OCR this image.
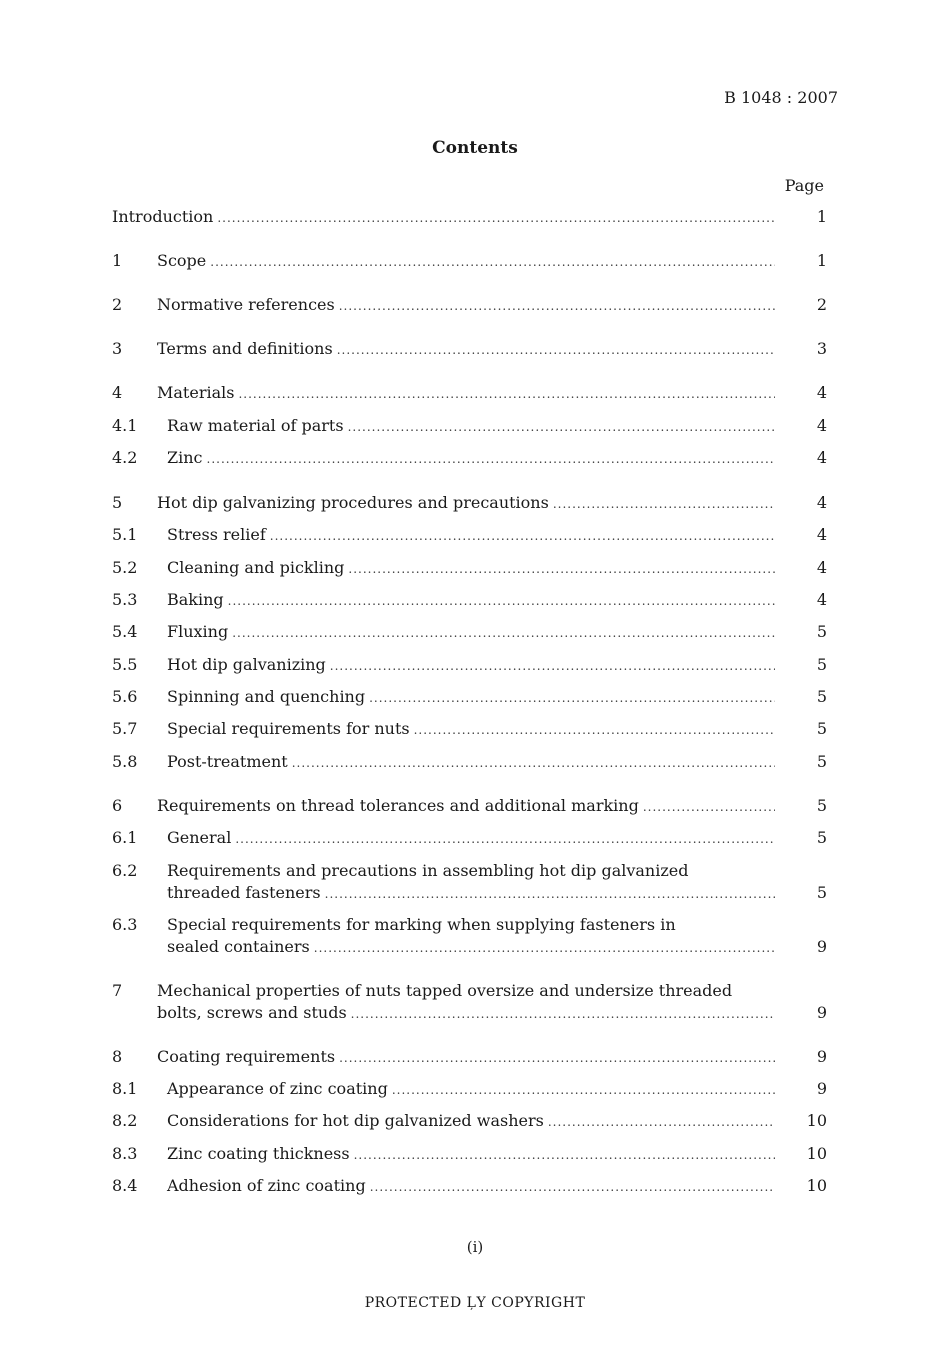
B 1048 : 2007
Contents
Page
Introduction .....	1
1 Scope .....	1
2 Normative references .....	2
3 Terms and definitions .....	3
4 Materials .....	4
4.1 Raw material of parts .....	4
4.2 Zinc .....	4
5 Hot dip galvanizing procedures and precautions .....	4
5.1 Stress relief .....	4
5.2 Cleaning and pickling .....	4
5.3 Baking .....	4
5.4 Fluxing .....	5
5.5 Hot dip galvanizing .....	5
5.6 Spinning and quenching .....	5
5.7 Special requirements for nuts .....	5
5.8 Post-treatment .....	5
6 Requirements on thread tolerances and additional marking .....	5
6.1 General .....	5
6.2 Requirements and precautions in assembling hot dip galvanized
threaded fasteners .....	5
6.3 Special requirements for marking when supplying fasteners in
sealed containers .....	9
7 Mechanical properties of nuts tapped oversize and undersize threaded
bolts, screws and studs .....	9
8 Coating requirements .....	9
8.1 Appearance of zinc coating .....	9
8.2 Considerations for hot dip galvanized washers .....	10
8.3 Zinc coating thickness .....	10
8.4 Adhesion of zinc coating .....	10
(i)
PROTECTED ĻY COPYRIGHT
